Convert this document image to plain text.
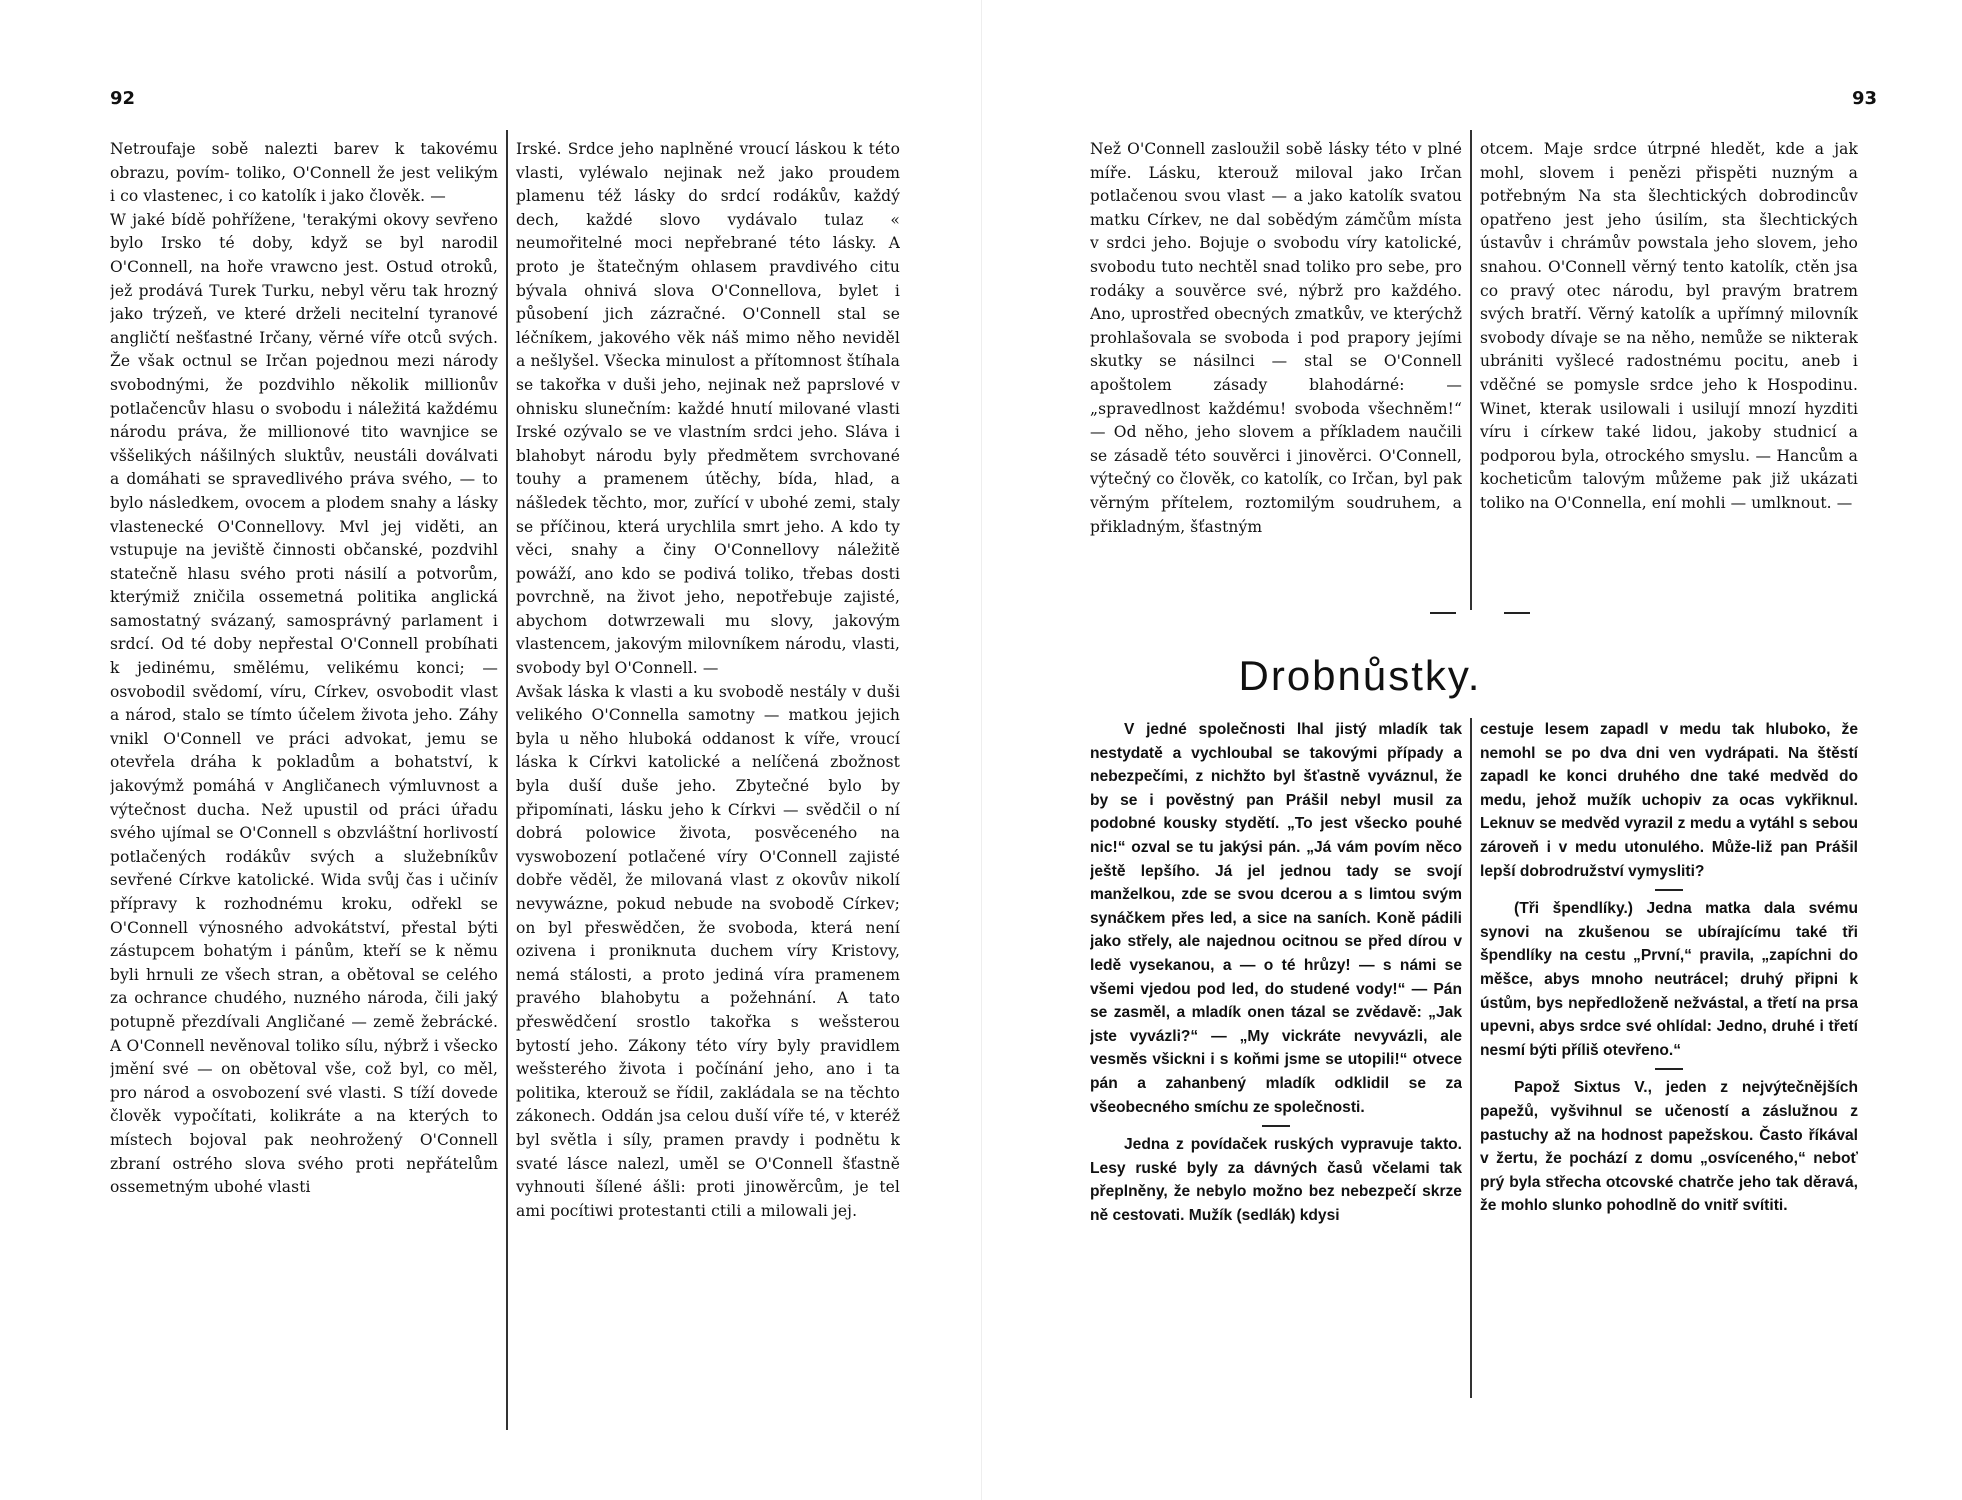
92
Netroufaje sobě nalezti barev k takovému obrazu, povím- toliko, O'Connell že jest velikým i co vlastenec, i co katolík i jako člověk. —
W jaké bídě pohřížene, 'terakými okovy sevřeno bylo Irsko té doby, když se byl narodil O'Connell, na hoře vrawcno jest. Ostud otroků, jež prodává Turek Turku, nebyl věru tak hrozný jako trýzeň, ve které drželi necitelní tyranové angličtí nešťastné Irčany, věrné víře otců svých. Že však octnul se Irčan pojednou mezi národy svobodnými, že pozdvihlo několik millionův potlačencův hlasu o svobodu i náležitá každému národu práva, že millionové tito wavnjice se vššelikých nášilných sluktův, neustáli doválvati a domáhati se spravedlivého práva svého, — to bylo následkem, ovocem a plodem snahy a lásky vlastenecké O'Connellovy. Mvl jej viděti, an vstupuje na jeviště činnosti občanské, pozdvihl statečně hlasu svého proti násilí a potvorům, kterýmiž zničila ossemetná politika anglická samostatný svázaný, samosprávný parlament i srdcí. Od té doby nepřestal O'Connell probíhati k jedinému, smělému, velikému konci; — osvobodil svědomí, víru, Církev, osvobodit vlast a národ, stalo se tímto účelem života jeho. Záhy vnikl O'Connell ve práci advokat, jemu se otevřela dráha k pokladům a bohatství, k jakovýmž pomáhá v Angličanech výmluvnost a výtečnost ducha. Než upustil od práci úřadu svého ujímal se O'Connell s obzvláštní horlivostí potlačených rodákův svých a služebníkův sevřené Církve katolické. Wida svůj čas i učinív přípravy k rozhodnému kroku, odřekl se O'Connell výnosného advokátství, přestal býti zástupcem bohatým i pánům, kteří se k němu byli hrnuli ze všech stran, a obětoval se celého za ochrance chudého, nuzného národa, čili jaký potupně přezdívali Angličané — země žebrácké. A O'Connell nevěnoval toliko sílu, nýbrž i všecko jmění své — on obětoval vše, což byl, co měl, pro národ a osvobození své vlasti. S tíží dovede člověk vypočítati, kolikráte a na kterých to místech bojoval pak neohrožený O'Connell zbraní ostrého slova svého proti nepřátelům ossemetným ubohé vlasti
Irské. Srdce jeho naplněné vroucí láskou k této vlasti, vyléwalo nejinak než jako proudem plamenu též lásky do srdcí rodákův, každý dech, každé slovo vydávalo tulaz « neumořitelné moci nepřebrané této lásky. A proto je štatečným ohlasem pravdivého citu bývala ohnivá slova O'Connellova, bylet i působení jich zázračné. O'Connell stal se léčníkem, jakového věk náš mimo něho neviděl a nešlyšel. Všecka minulost a přítomnost štíhala se takořka v duši jeho, nejinak než paprslové v ohnisku slunečním: každé hnutí milované vlasti Irské ozývalo se ve vlastním srdci jeho. Sláva i blahobyt národu byly předmětem svrchované touhy a pramenem útěchy, bída, hlad, a nášledek těchto, mor, zuřící v ubohé zemi, staly se příčinou, která urychlila smrt jeho. A kdo ty věci, snahy a činy O'Connellovy náležitě powáží, ano kdo se podivá toliko, třebas dosti povrchně, na život jeho, nepotřebuje zajisté, abychom dotwrzewali mu slovy, jakovým vlastencem, jakovým milovníkem národu, vlasti, svobody byl O'Connell. —
Avšak láska k vlasti a ku svobodě nestály v duši velikého O'Connella samotny — matkou jejich byla u něho hluboká oddanost k víře, vroucí láska k Církvi katolické a nelíčená zbožnost byla duší duše jeho. Zbytečné bylo by připomínati, lásku jeho k Církvi — svědčil o ní dobrá polowice života, posvěceného na vyswobození potlačené víry O'Connell zajisté dobře věděl, že milovaná vlast z okovův nikolí nevywázne, pokud nebude na svobodě Církev; on byl přeswědčen, že svoboda, která není ozivena i proniknuta duchem víry Kristovy, nemá stálosti, a proto jediná víra pramenem pravého blahobytu a požehnání. A tato přeswědčení srostlo takořka s wešsterou bytostí jeho. Zákony této víry byly pravidlem wešsterého života i počínání jeho, ano i ta politika, kterouž se řídil, zakládala se na těchto zákonech. Oddán jsa celou duší víře té, v kteréž byl světla i síly, pramen pravdy i podnětu k svaté lásce nalezl, uměl se O'Connell šťastně vyhnouti šílené ášli: proti jinowěrcům, je tel ami pocítiwi protestanti ctili a milowali jej.
93
Než O'Connell zasloužil sobě lásky této v plné míře. Lásku, kterouž miloval jako Irčan potlačenou svou vlast — a jako katolík svatou matku Církev, ne dal sobědým zámčům místa v srdci jeho. Bojuje o svobodu víry katolické, svobodu tuto nechtěl snad toliko pro sebe, pro rodáky a souvěrce své, nýbrž pro každého. Ano, uprostřed obecných zmatkův, ve kterýchž prohlašovala se svoboda i pod prapory jejími skutky se násilnci — stal se O'Connell apoštolem zásady blahodárné: — „spravedlnost každému! svoboda všechněm!“ — Od něho, jeho slovem a příkladem naučili se zásadě této souvěrci i jinověrci. O'Connell, výtečný co člověk, co katolík, co Irčan, byl pak věrným přítelem, roztomilým soudruhem, a přikladným, šťastným
otcem. Maje srdce útrpné hledět, kde a jak mohl, slovem i penězi přispěti nuzným a potřebným Na sta šlechtických dobrodincův opatřeno jest jeho úsilím, sta šlechtických ústavův i chrámův powstala jeho slovem, jeho snahou. O'Connell věrný tento katolík, ctěn jsa co pravý otec národu, byl pravým bratrem svých bratří. Věrný katolík a upřímný milovník svobody dívaje se na něho, nemůže se nikterak ubrániti vyšlecé radostnému pocitu, aneb i vděčné se pomysle srdce jeho k Hospodinu. Winet, kterak usilowali i usilují mnozí hyzditi víru i církew také lidou, jakoby studnicí a podporou byla, otrockého smyslu. — Hancům a kocheticům talovým můžeme pak již ukázati toliko na O'Connella, ení mohli — umlknout. —
Drobnůstky.

V jedné společnosti lhal jistý mladík tak nestydatě a vychloubal se takovými případy a nebezpečími, z nichžto byl šťastně vyváznul, že by se i pověstný pan Prášil nebyl musil za podobné kousky stydětí. „To jest všecko pouhé nic!“ ozval se tu jakýsi pán. „Já vám povím něco ještě lepšího. Já jel jednou tady se svojí manželkou, zde se svou dcerou a s limtou svým synáčkem přes led, a sice na saních. Koně pádili jako střely, ale najednou ocitnou se před dírou v ledě vysekanou, a — o té hrůzy! — s námi se všemi vjedou pod led, do studené vody!“ — Pán se zasměl, a mladík onen tázal se zvědavě: „Jak jste vyvázli?“ — „My vickráte nevyvázli, ale vesměs všickni i s koňmi jsme se utopili!“ otvece pán a zahanbený mladík odklidil se za všeobecného smíchu ze společnosti.

Jedna z povídaček ruských vypravuje takto. Lesy ruské byly za dávných časů včelami tak přeplněny, že nebylo možno bez nebezpečí skrze ně cestovati. Mužík (sedlák) kdysi

cestuje lesem zapadl v medu tak hluboko, že nemohl se po dva dni ven vydrápati. Na štěstí zapadl ke konci druhého dne také medvěd do medu, jehož mužík uchopiv za ocas vykřiknul. Leknuv se medvěd vyrazil z medu a vytáhl s sebou zároveň i v medu utonulého. Může-liž pan Prášil lepší dobrodružství vymysliti?

(Tři špendlíky.) Jedna matka dala svému synovi na zkušenou se ubírajícímu také tři špendlíky na cestu „První,“ pravila, „zapíchni do měšce, abys mnoho neutrácel; druhý připni k ústům, bys nepředloženě nežvástal, a třetí na prsa upevni, abys srdce své ohlídal: Jedno, druhé i třetí nesmí býti příliš otevřeno.“

Papož Sixtus V., jeden z nejvýtečnějších papežů, vyšvihnul se učeností a záslužnou z pastuchy až na hodnost papežskou. Často říkával v žertu, že pochází z domu „osvíceného,“ neboť prý byla střecha otcovské chatrče jeho tak děravá, že mohlo slunko pohodlně do vnitř svítiti.
